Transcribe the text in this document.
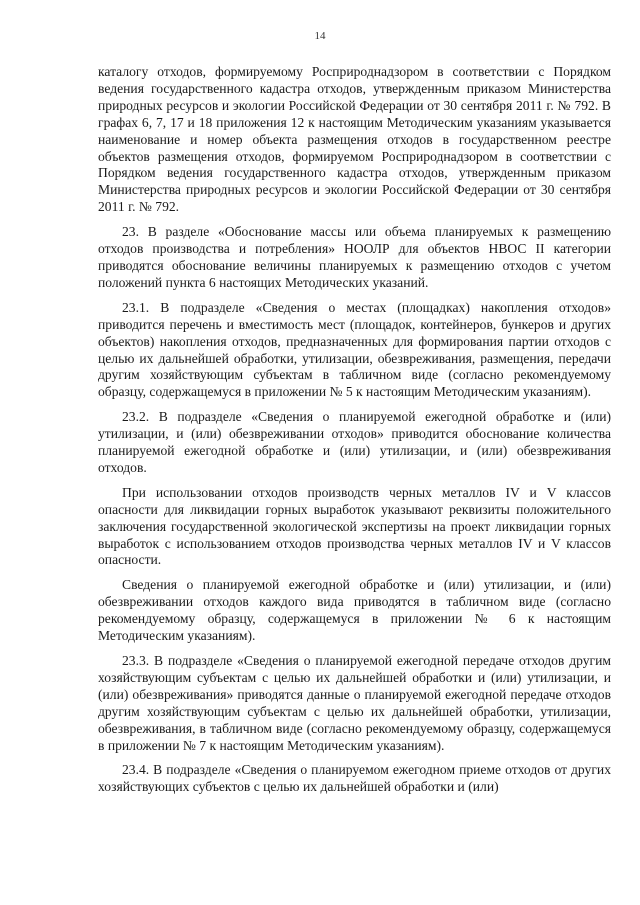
14

каталогу отходов, формируемому Росприроднадзором в соответствии с Порядком ведения государственного кадастра отходов, утвержденным приказом Министерства природных ресурсов и экологии Российской Федерации от 30 сентября 2011 г. № 792. В графах 6, 7, 17 и 18 приложения 12 к настоящим Методическим указаниям указывается наименование и номер объекта размещения отходов в государственном реестре объектов размещения отходов, формируемом Росприроднадзором в соответствии с Порядком ведения государственного кадастра отходов, утвержденным приказом Министерства природных ресурсов и экологии Российской Федерации от 30 сентября 2011 г. № 792.

23. В разделе «Обоснование массы или объема планируемых к размещению отходов производства и потребления» НООЛР для объектов НВОС II категории приводятся обоснование величины планируемых к размещению отходов с учетом положений пункта 6 настоящих Методических указаний.

23.1. В подразделе «Сведения о местах (площадках) накопления отходов» приводится перечень и вместимость мест (площадок, контейнеров, бункеров и других объектов) накопления отходов, предназначенных для формирования партии отходов с целью их дальнейшей обработки, утилизации, обезвреживания, размещения, передачи другим хозяйствующим субъектам в табличном виде (согласно рекомендуемому образцу, содержащемуся в приложении № 5 к настоящим Методическим указаниям).

23.2. В подразделе «Сведения о планируемой ежегодной обработке и (или) утилизации, и (или) обезвреживании отходов» приводится обоснование количества планируемой ежегодной обработке и (или) утилизации, и (или) обезвреживания отходов.

При использовании отходов производств черных металлов IV и V классов опасности для ликвидации горных выработок указывают реквизиты положительного заключения государственной экологической экспертизы на проект ликвидации горных выработок с использованием отходов производства черных металлов IV и V классов опасности.

Сведения о планируемой ежегодной обработке и (или) утилизации, и (или) обезвреживании отходов каждого вида приводятся в табличном виде (согласно рекомендуемому образцу, содержащемуся в приложении № 6 к настоящим Методическим указаниям).

23.3. В подразделе «Сведения о планируемой ежегодной передаче отходов другим хозяйствующим субъектам с целью их дальнейшей обработки и (или) утилизации, и (или) обезвреживания» приводятся данные о планируемой ежегодной передаче отходов другим хозяйствующим субъектам с целью их дальнейшей обработки, утилизации, обезвреживания, в табличном виде (согласно рекомендуемому образцу, содержащемуся в приложении № 7 к настоящим Методическим указаниям).

23.4. В подразделе «Сведения о планируемом ежегодном приеме отходов от других хозяйствующих субъектов с целью их дальнейшей обработки и (или)
